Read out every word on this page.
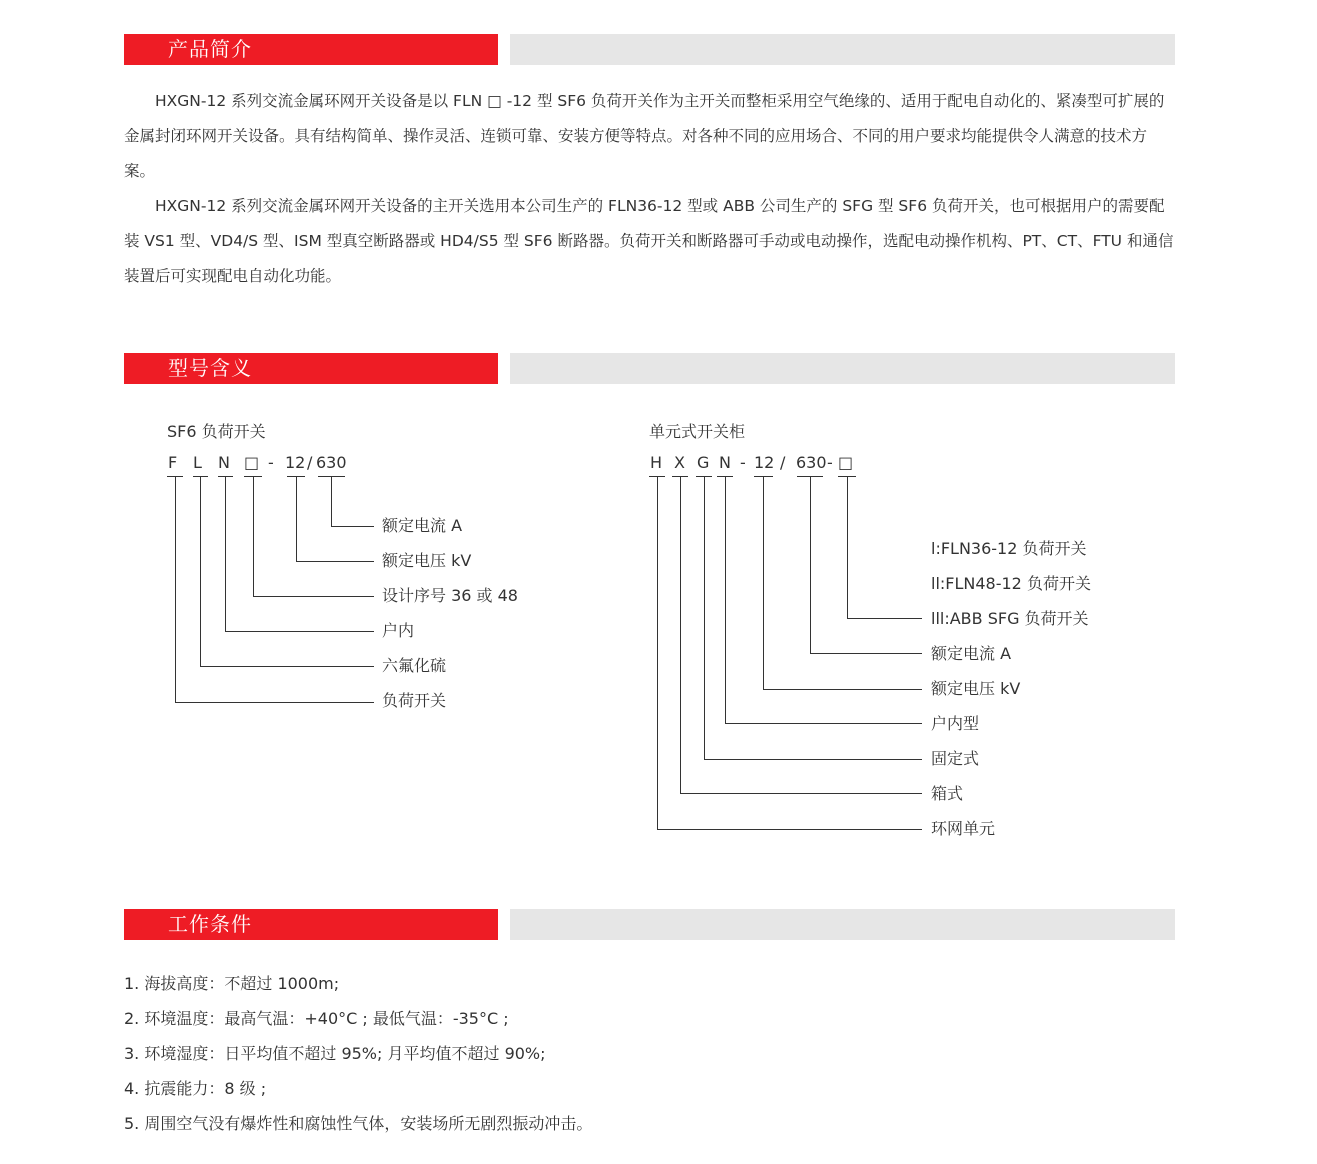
产品简介

HXGN-12 系列交流金属环网开关设备是以 FLN □ -12 型 SF6 负荷开关作为主开关而整柜采用空气绝缘的、适用于配电自动化的、紧凑型可扩展的金属封闭环网开关设备。具有结构简单、操作灵活、连锁可靠、安装方便等特点。对各种不同的应用场合、不同的用户要求均能提供令人满意的技术方案。

HXGN-12 系列交流金属环网开关设备的主开关选用本公司生产的 FLN36-12 型或 ABB 公司生产的 SFG 型 SF6 负荷开关，也可根据用户的需要配装 VS1 型、VD4/S 型、ISM 型真空断路器或 HD4/S5 型 SF6 断路器。负荷开关和断路器可手动或电动操作，选配电动操作机构、PT、CT、FTU 和通信装置后可实现配电自动化功能。

型号含义
SF6 负荷开关
F L N □ - 12 / 630
额定电流 A
额定电压 kV
设计序号 36 或 48
户内
六氟化硫
负荷开关
单元式开关柜
H X G N - 12 / 630 - □
l:FLN36-12 负荷开关
ll:FLN48-12 负荷开关
lll:ABB SFG 负荷开关
额定电流 A
额定电压 kV
户内型
固定式
箱式
环网单元
工作条件
1. 海拔高度：不超过 1000m;
2. 环境温度：最高气温：+40°C ; 最低气温：-35°C ;
3. 环境湿度：日平均值不超过 95%; 月平均值不超过 90%;
4. 抗震能力：8 级 ;
5. 周围空气没有爆炸性和腐蚀性气体，安装场所无剧烈振动冲击。
